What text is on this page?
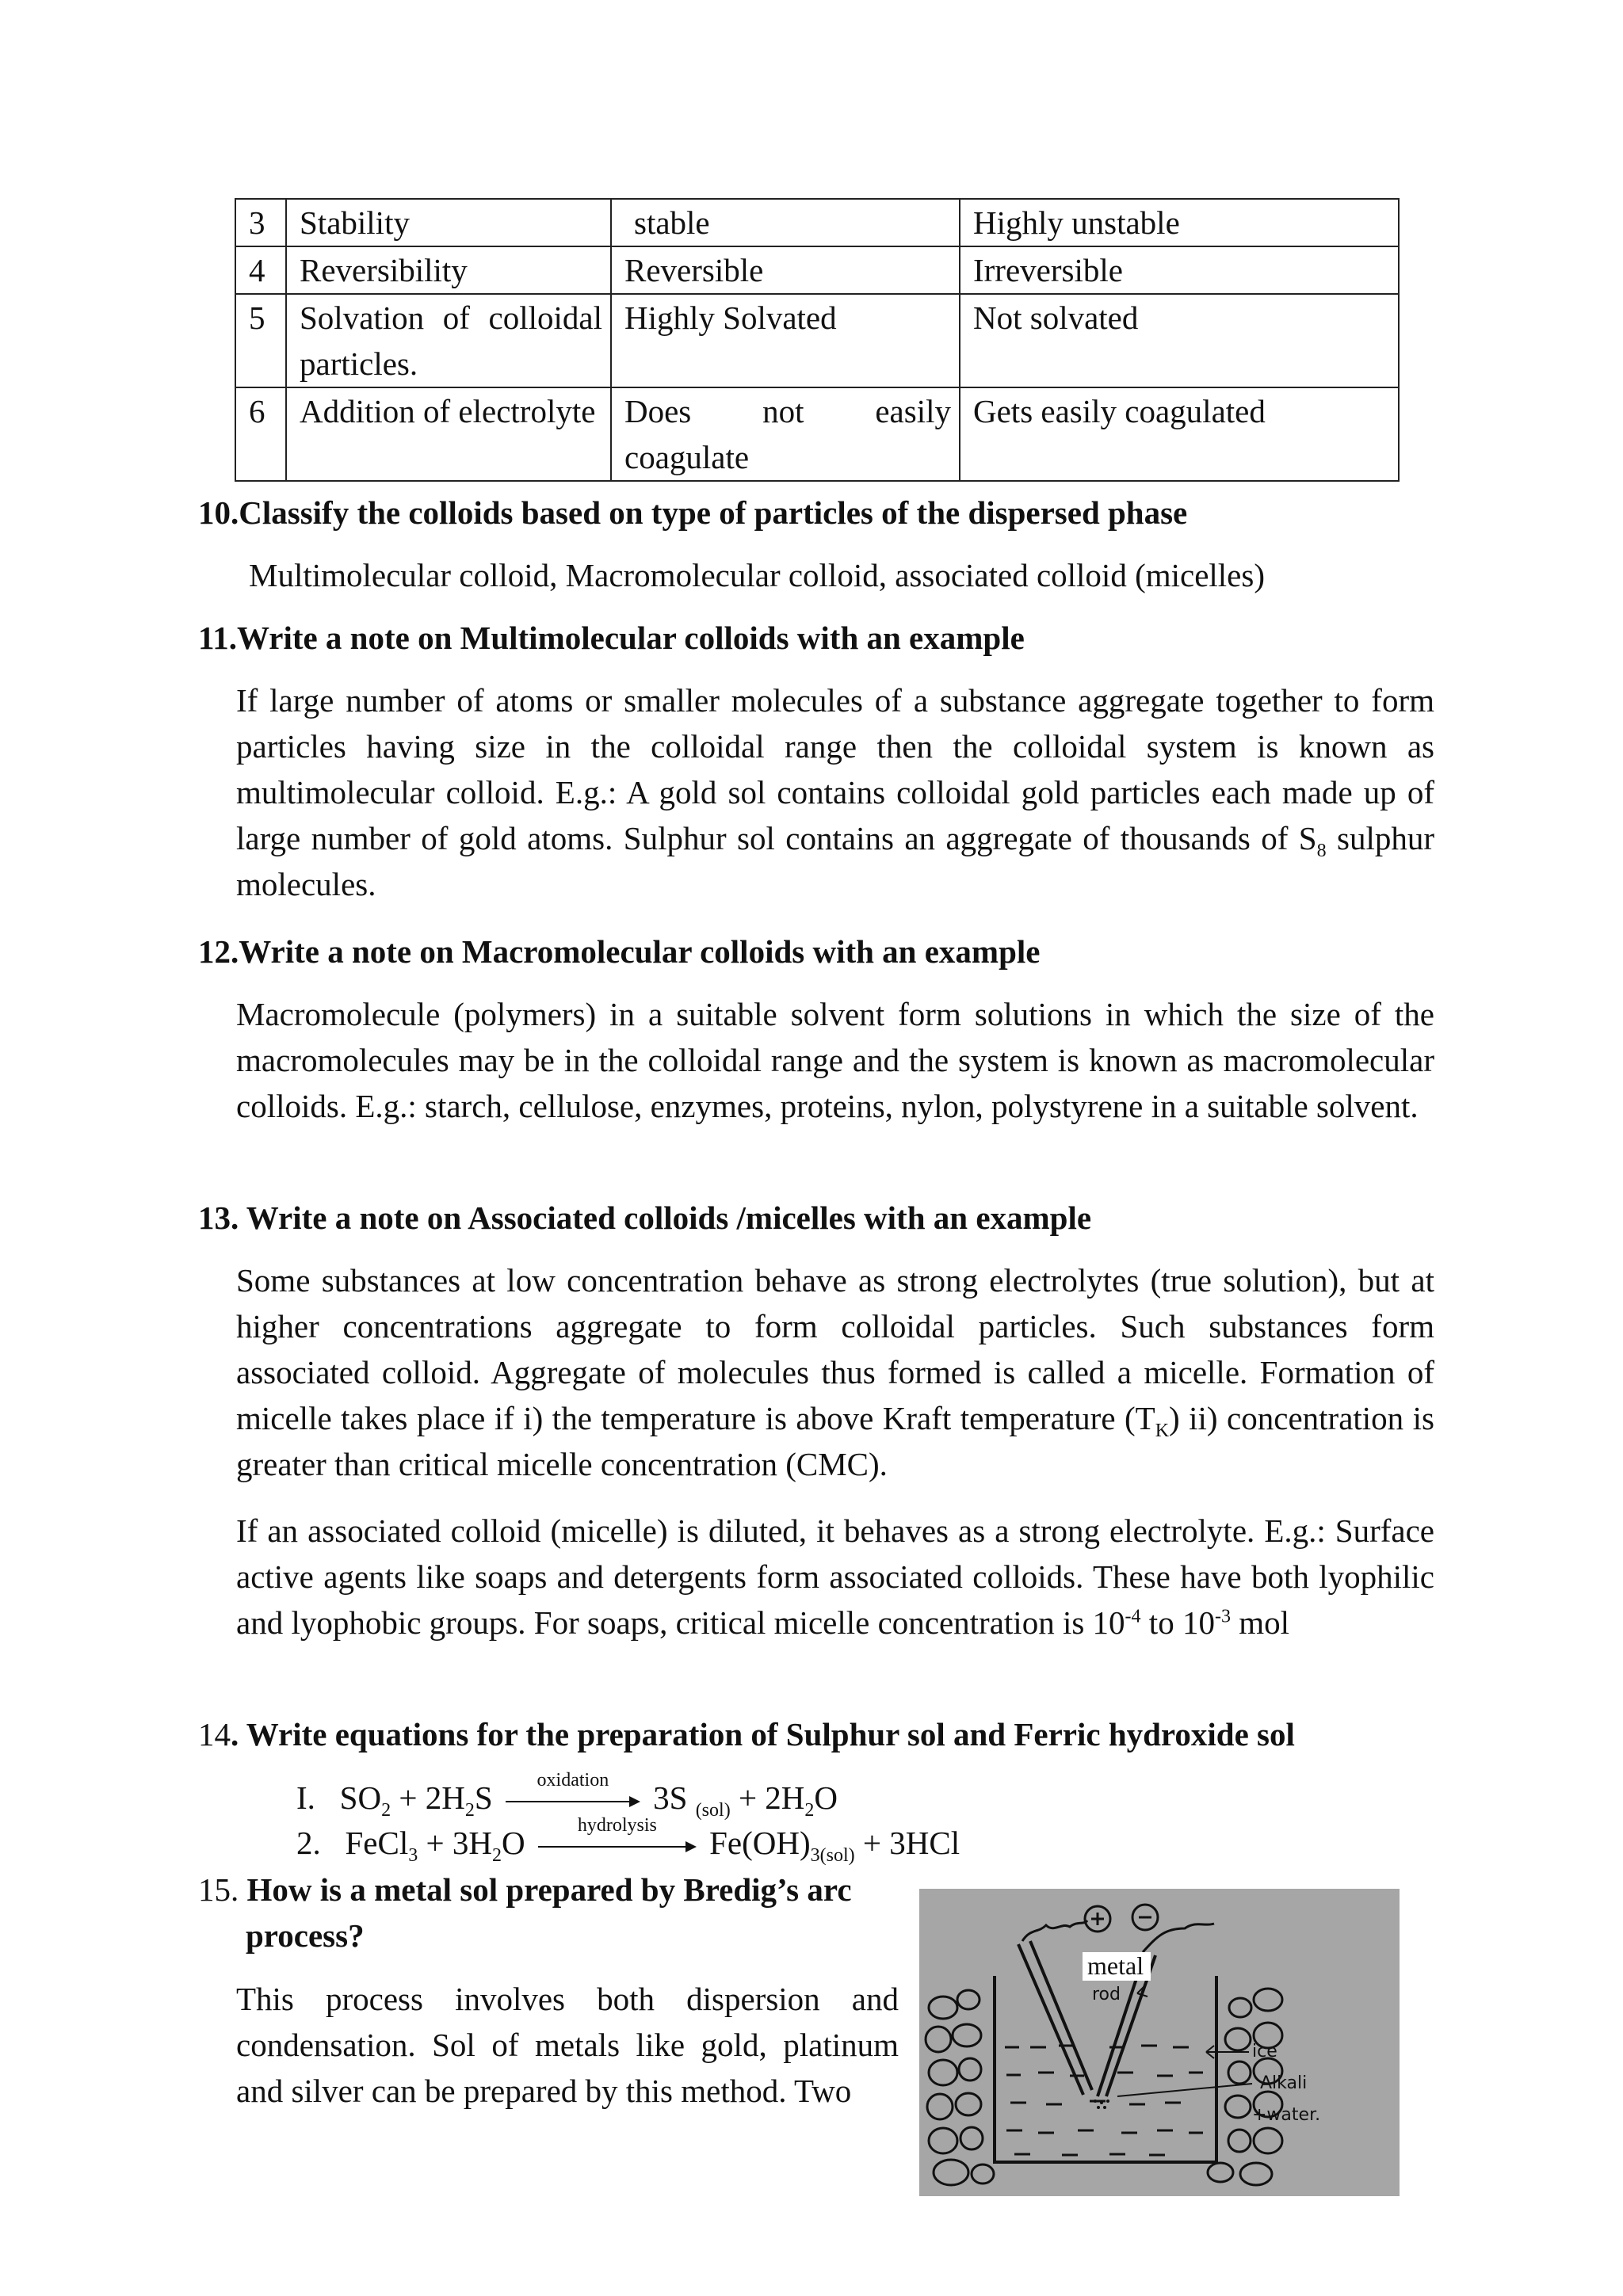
3	Stability	stable	Highly unstable
4	Reversibility	Reversible	Irreversible
5	Solvation of colloidal particles.	Highly Solvated	Not solvated
6	Addition of electrolyte	Does not easily coagulate	Gets easily coagulated
10.Classify the colloids based on type of particles of the dispersed phase
Multimolecular colloid, Macromolecular colloid, associated colloid (micelles)
11.Write a note on Multimolecular colloids with an example
If large number of atoms or smaller molecules of a substance aggregate together to form particles having size in the colloidal range then the colloidal system is known as multimolecular colloid. E.g.: A gold sol contains colloidal gold particles each made up of large number of gold atoms. Sulphur sol contains an aggregate of thousands of $S_8$ sulphur molecules.
12.Write a note on Macromolecular colloids with an example
Macromolecule (polymers) in a suitable solvent form solutions in which the size of the macromolecules may be in the colloidal range and the system is known as macromolecular colloids. E.g.: starch, cellulose, enzymes, proteins, nylon, polystyrene in a suitable solvent.
13. Write a note on Associated colloids /micelles with an example
Some substances at low concentration behave as strong electrolytes (true solution), but at higher concentrations aggregate to form colloidal particles. Such substances form associated colloid. Aggregate of molecules thus formed is called a micelle. Formation of micelle takes place if i) the temperature is above Kraft temperature $(T_K)$ ii) concentration is greater than critical micelle concentration (CMC).
If an associated colloid (micelle) is diluted, it behaves as a strong electrolyte. E.g.: Surface active agents like soaps and detergents form associated colloids. These have both lyophilic and lyophobic groups. For soaps, critical micelle concentration is $10^{-4}$ to $10^{-3}$ mol
14. Write equations for the preparation of Sulphur sol and Ferric hydroxide sol
I. $SO_2 + 2H_2S$	oxidation	3S $_{(sol)} + 2H_2O$
2. FeCl$_3$ + $3H_2O$	hydrolysis	$Fe(OH)_{3(sol)} + 3HCl$
15. How is a metal sol prepared by Bredig’s arc
process?
This process involves both dispersion and condensation. Sol of metals like gold, platinum and silver can be prepared by this method. Two
metal
rod
ice
Alkali
+water.
